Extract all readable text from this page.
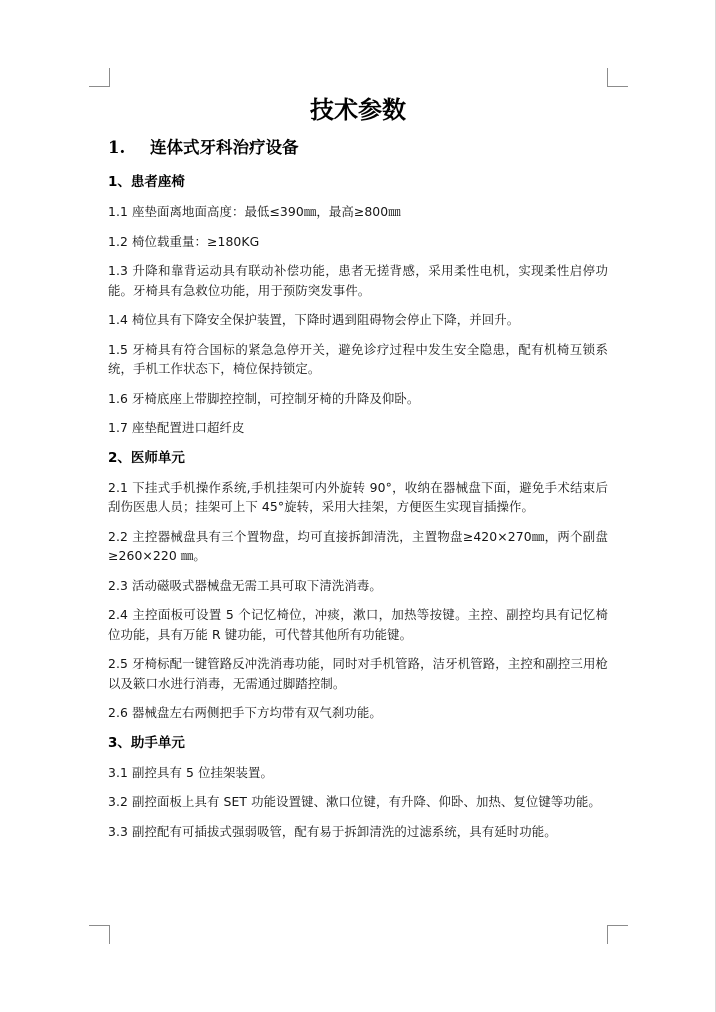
技术参数
1. 连体式牙科治疗设备
1、患者座椅

1.1 座垫面离地面高度：最低≤390㎜，最高≥800㎜

1.2 椅位载重量：≥180KG

1.3 升降和靠背运动具有联动补偿功能，患者无搓背感，采用柔性电机，实现柔性启停功能。牙椅具有急救位功能，用于预防突发事件。

1.4 椅位具有下降安全保护装置，下降时遇到阻碍物会停止下降，并回升。

1.5 牙椅具有符合国标的紧急急停开关，避免诊疗过程中发生安全隐患，配有机椅互锁系统，手机工作状态下，椅位保持锁定。

1.6 牙椅底座上带脚控控制，可控制牙椅的升降及仰卧。

1.7 座垫配置进口超纤皮

2、医师单元

2.1 下挂式手机操作系统,手机挂架可内外旋转 90°，收纳在器械盘下面，避免手术结束后刮伤医患人员；挂架可上下 45°旋转，采用大挂架，方便医生实现盲插操作。

2.2 主控器械盘具有三个置物盘，均可直接拆卸清洗，主置物盘≥420×270㎜，两个副盘≥260×220 ㎜。

2.3 活动磁吸式器械盘无需工具可取下清洗消毒。

2.4 主控面板可设置 5 个记忆椅位，冲痰，漱口，加热等按键。主控、副控均具有记忆椅位功能，具有万能 R 键功能，可代替其他所有功能键。

2.5 牙椅标配一键管路反冲洗消毒功能，同时对手机管路，洁牙机管路，主控和副控三用枪以及簌口水进行消毒，无需通过脚踏控制。

2.6 器械盘左右两侧把手下方均带有双气刹功能。

3、助手单元

3.1 副控具有 5 位挂架装置。

3.2 副控面板上具有 SET 功能设置键、漱口位键，有升降、仰卧、加热、复位键等功能。

3.3 副控配有可插拔式强弱吸管，配有易于拆卸清洗的过滤系统，具有延时功能。
